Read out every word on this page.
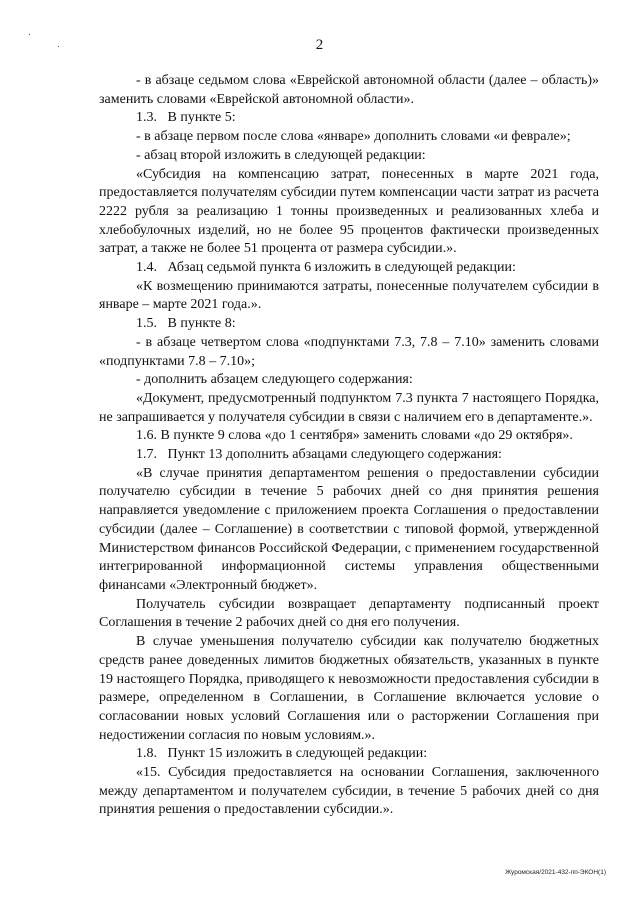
2

- в абзаце седьмом слова «Еврейской автономной области (далее – область)» заменить словами «Еврейской автономной области».

1.3.   В пункте 5:

- в абзаце первом после слова «январе» дополнить словами «и феврале»;

- абзац второй изложить в следующей редакции:

«Субсидия на компенсацию затрат, понесенных в марте 2021 года, предоставляется получателям субсидии путем компенсации части затрат из расчета 2222 рубля за реализацию 1 тонны произведенных и реализованных хлеба и хлебобулочных изделий, но не более 95 процентов фактически произведенных затрат, а также не более 51 процента от размера субсидии.».

1.4.   Абзац седьмой пункта 6 изложить в следующей редакции:

«К возмещению принимаются затраты, понесенные получателем субсидии в январе – марте 2021 года.».

1.5.   В пункте 8:

- в абзаце четвертом слова «подпунктами 7.3, 7.8 – 7.10» заменить словами «подпунктами 7.8 – 7.10»;

- дополнить абзацем следующего содержания:

«Документ, предусмотренный подпунктом 7.3 пункта 7 настоящего Порядка, не запрашивается у получателя субсидии в связи с наличием его в департаменте.».

1.6. В пункте 9 слова «до 1 сентября» заменить словами «до 29 октября».

1.7.   Пункт 13 дополнить абзацами следующего содержания:

«В случае принятия департаментом решения о предоставлении субсидии получателю субсидии в течение 5 рабочих дней со дня принятия решения направляется уведомление с приложением проекта Соглашения о предоставлении субсидии (далее – Соглашение) в соответствии с типовой формой, утвержденной Министерством финансов Российской Федерации, с применением государственной интегрированной информационной системы управления общественными финансами «Электронный бюджет».

Получатель субсидии возвращает департаменту подписанный проект Соглашения в течение 2 рабочих дней со дня его получения.

В случае уменьшения получателю субсидии как получателю бюджетных средств ранее доведенных лимитов бюджетных обязательств, указанных в пункте 19 настоящего Порядка, приводящего к невозможности предоставления субсидии в размере, определенном в Соглашении, в Соглашение включается условие о согласовании новых условий Соглашения или о расторжении Соглашения при недостижении согласия по новым условиям.».

1.8.   Пункт 15 изложить в следующей редакции:

«15. Субсидия предоставляется на основании Соглашения, заключенного между департаментом и получателем субсидии, в течение 5 рабочих дней со дня принятия решения о предоставлении субсидии.».

Журомская/2021-432-пп-ЭКОН(1)
